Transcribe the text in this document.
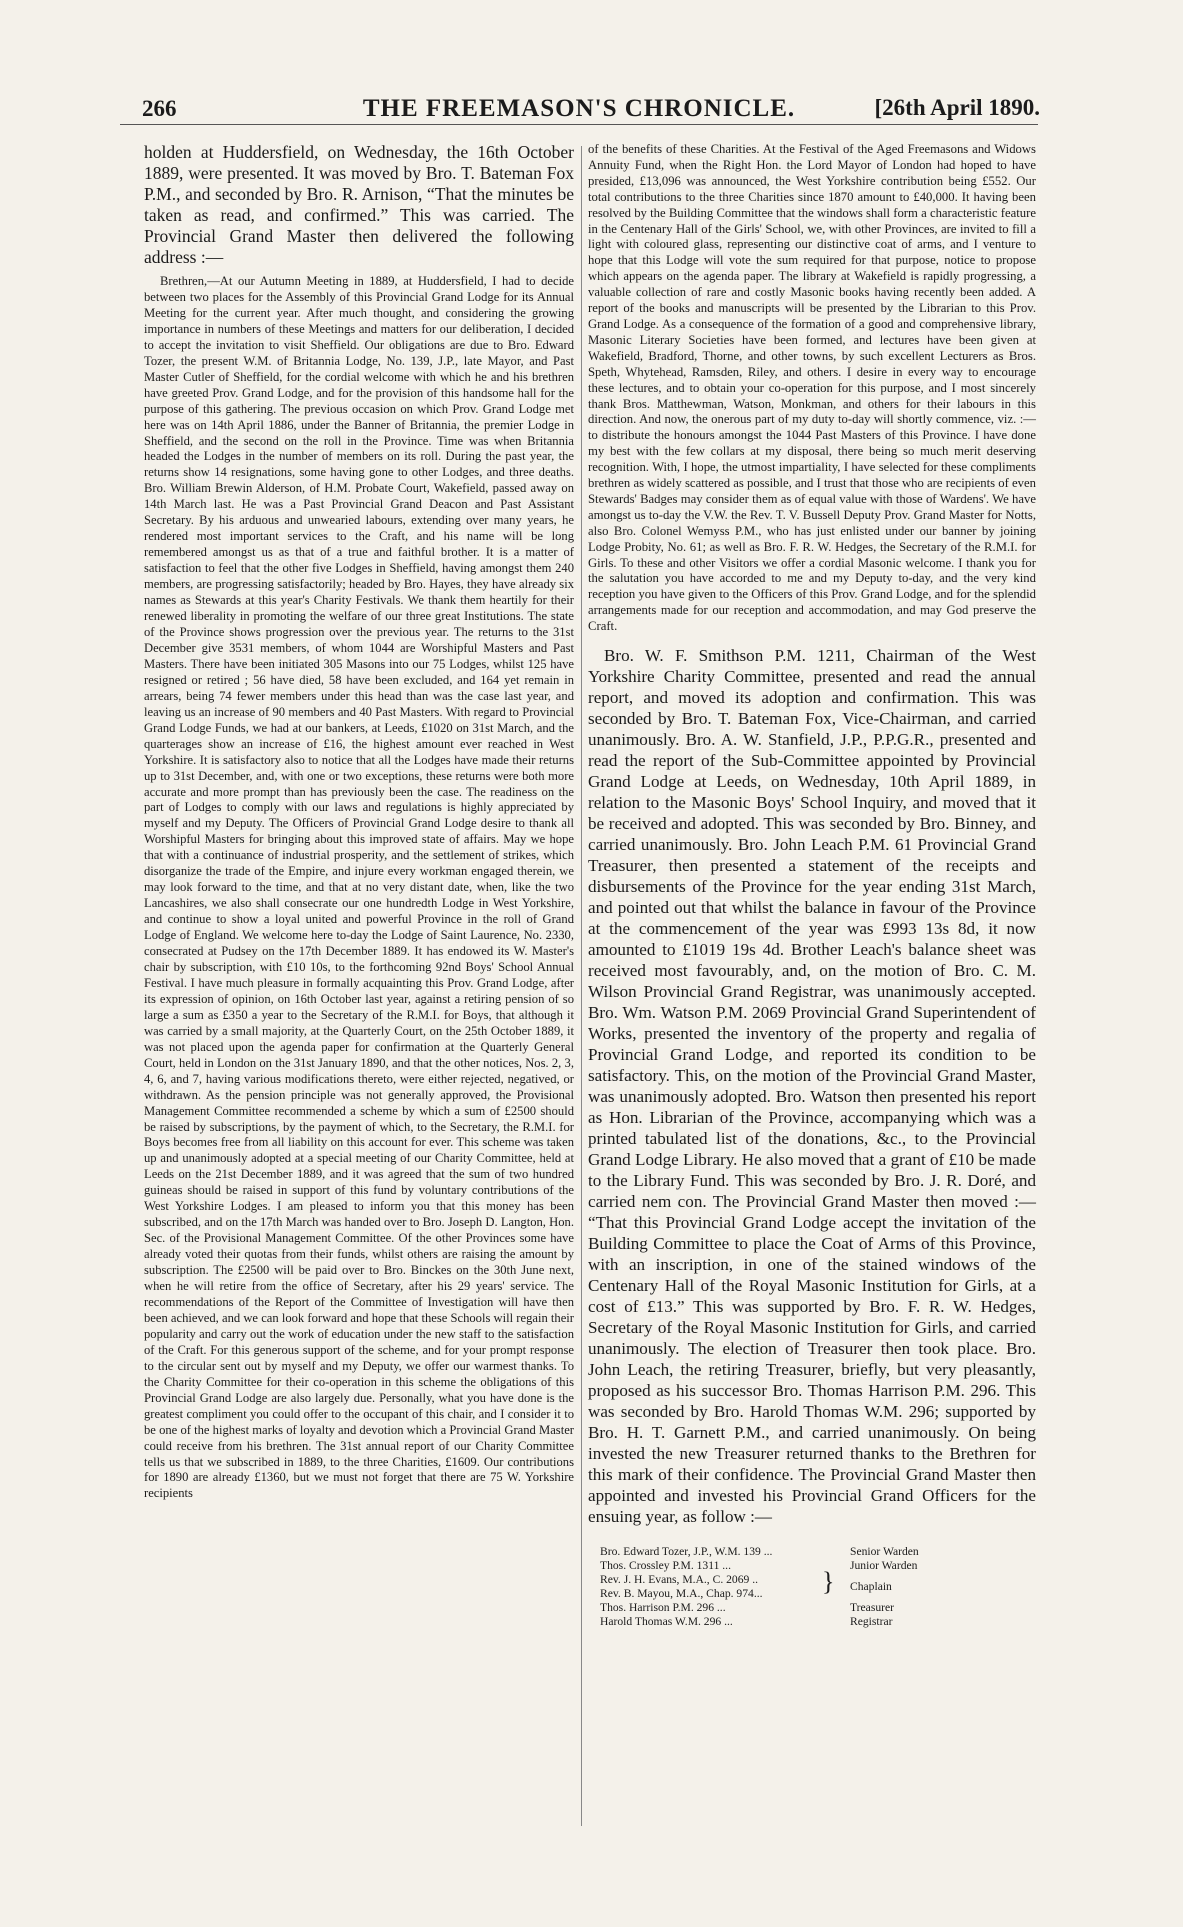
266	THE FREEMASON'S CHRONICLE.	[26th April 1890.

holden at Huddersfield, on Wednesday, the 16th October 1889, were presented. It was moved by Bro. T. Bateman Fox P.M., and seconded by Bro. R. Arnison, “That the minutes be taken as read, and confirmed.” This was carried. The Provincial Grand Master then delivered the following address :—

Brethren,—At our Autumn Meeting in 1889, at Huddersfield, I had to decide between two places for the Assembly of this Provincial Grand Lodge for its Annual Meeting for the current year. After much thought, and considering the growing importance in numbers of these Meetings and matters for our deliberation, I decided to accept the invitation to visit Sheffield. Our obligations are due to Bro. Edward Tozer, the present W.M. of Britannia Lodge, No. 139, J.P., late Mayor, and Past Master Cutler of Sheffield, for the cordial welcome with which he and his brethren have greeted Prov. Grand Lodge, and for the provision of this handsome hall for the purpose of this gathering. The previous occasion on which Prov. Grand Lodge met here was on 14th April 1886, under the Banner of Britannia, the premier Lodge in Sheffield, and the second on the roll in the Province. Time was when Britannia headed the Lodges in the number of members on its roll. During the past year, the returns show 14 resignations, some having gone to other Lodges, and three deaths. Bro. William Brewin Alderson, of H.M. Probate Court, Wakefield, passed away on 14th March last. He was a Past Provincial Grand Deacon and Past Assistant Secretary. By his arduous and unwearied labours, extending over many years, he rendered most important services to the Craft, and his name will be long remembered amongst us as that of a true and faithful brother. It is a matter of satisfaction to feel that the other five Lodges in Sheffield, having amongst them 240 members, are progressing satisfactorily; headed by Bro. Hayes, they have already six names as Stewards at this year's Charity Festivals. We thank them heartily for their renewed liberality in promoting the welfare of our three great Institutions. The state of the Province shows progression over the previous year. The returns to the 31st December give 3531 members, of whom 1044 are Worshipful Masters and Past Masters. There have been initiated 305 Masons into our 75 Lodges, whilst 125 have resigned or retired ; 56 have died, 58 have been excluded, and 164 yet remain in arrears, being 74 fewer members under this head than was the case last year, and leaving us an increase of 90 members and 40 Past Masters. With regard to Provincial Grand Lodge Funds, we had at our bankers, at Leeds, £1020 on 31st March, and the quarterages show an increase of £16, the highest amount ever reached in West Yorkshire. It is satisfactory also to notice that all the Lodges have made their returns up to 31st December, and, with one or two exceptions, these returns were both more accurate and more prompt than has previously been the case. The readiness on the part of Lodges to comply with our laws and regulations is highly appreciated by myself and my Deputy. The Officers of Provincial Grand Lodge desire to thank all Worshipful Masters for bringing about this improved state of affairs. May we hope that with a continuance of industrial prosperity, and the settlement of strikes, which disorganize the trade of the Empire, and injure every workman engaged therein, we may look forward to the time, and that at no very distant date, when, like the two Lancashires, we also shall consecrate our one hundredth Lodge in West Yorkshire, and continue to show a loyal united and powerful Province in the roll of Grand Lodge of England. We welcome here to-day the Lodge of Saint Laurence, No. 2330, consecrated at Pudsey on the 17th December 1889. It has endowed its W. Master's chair by subscription, with £10 10s, to the forthcoming 92nd Boys' School Annual Festival. I have much pleasure in formally acquainting this Prov. Grand Lodge, after its expression of opinion, on 16th October last year, against a retiring pension of so large a sum as £350 a year to the Secretary of the R.M.I. for Boys, that although it was carried by a small majority, at the Quarterly Court, on the 25th October 1889, it was not placed upon the agenda paper for confirmation at the Quarterly General Court, held in London on the 31st January 1890, and that the other notices, Nos. 2, 3, 4, 6, and 7, having various modifications thereto, were either rejected, negatived, or withdrawn. As the pension principle was not generally approved, the Provisional Management Committee recommended a scheme by which a sum of £2500 should be raised by subscriptions, by the payment of which, to the Secretary, the R.M.I. for Boys becomes free from all liability on this account for ever. This scheme was taken up and unanimously adopted at a special meeting of our Charity Committee, held at Leeds on the 21st December 1889, and it was agreed that the sum of two hundred guineas should be raised in support of this fund by voluntary contributions of the West Yorkshire Lodges. I am pleased to inform you that this money has been subscribed, and on the 17th March was handed over to Bro. Joseph D. Langton, Hon. Sec. of the Provisional Management Committee. Of the other Provinces some have already voted their quotas from their funds, whilst others are raising the amount by subscription. The £2500 will be paid over to Bro. Binckes on the 30th June next, when he will retire from the office of Secretary, after his 29 years' service. The recommendations of the Report of the Committee of Investigation will have then been achieved, and we can look forward and hope that these Schools will regain their popularity and carry out the work of education under the new staff to the satisfaction of the Craft. For this generous support of the scheme, and for your prompt response to the circular sent out by myself and my Deputy, we offer our warmest thanks. To the Charity Committee for their co-operation in this scheme the obligations of this Provincial Grand Lodge are also largely due. Personally, what you have done is the greatest compliment you could offer to the occupant of this chair, and I consider it to be one of the highest marks of loyalty and devotion which a Provincial Grand Master could receive from his brethren. The 31st annual report of our Charity Committee tells us that we subscribed in 1889, to the three Charities, £1609. Our contributions for 1890 are already £1360, but we must not forget that there are 75 W. Yorkshire recipients

of the benefits of these Charities. At the Festival of the Aged Freemasons and Widows Annuity Fund, when the Right Hon. the Lord Mayor of London had hoped to have presided, £13,096 was announced, the West Yorkshire contribution being £552. Our total contributions to the three Charities since 1870 amount to £40,000. It having been resolved by the Building Committee that the windows shall form a characteristic feature in the Centenary Hall of the Girls' School, we, with other Provinces, are invited to fill a light with coloured glass, representing our distinctive coat of arms, and I venture to hope that this Lodge will vote the sum required for that purpose, notice to propose which appears on the agenda paper. The library at Wakefield is rapidly progressing, a valuable collection of rare and costly Masonic books having recently been added. A report of the books and manuscripts will be presented by the Librarian to this Prov. Grand Lodge. As a consequence of the formation of a good and comprehensive library, Masonic Literary Societies have been formed, and lectures have been given at Wakefield, Bradford, Thorne, and other towns, by such excellent Lecturers as Bros. Speth, Whytehead, Ramsden, Riley, and others. I desire in every way to encourage these lectures, and to obtain your co-operation for this purpose, and I most sincerely thank Bros. Matthewman, Watson, Monkman, and others for their labours in this direction. And now, the onerous part of my duty to-day will shortly commence, viz. :— to distribute the honours amongst the 1044 Past Masters of this Province. I have done my best with the few collars at my disposal, there being so much merit deserving recognition. With, I hope, the utmost impartiality, I have selected for these compliments brethren as widely scattered as possible, and I trust that those who are recipients of even Stewards' Badges may consider them as of equal value with those of Wardens'. We have amongst us to-day the V.W. the Rev. T. V. Bussell Deputy Prov. Grand Master for Notts, also Bro. Colonel Wemyss P.M., who has just enlisted under our banner by joining Lodge Probity, No. 61; as well as Bro. F. R. W. Hedges, the Secretary of the R.M.I. for Girls. To these and other Visitors we offer a cordial Masonic welcome. I thank you for the salutation you have accorded to me and my Deputy to-day, and the very kind reception you have given to the Officers of this Prov. Grand Lodge, and for the splendid arrangements made for our reception and accommodation, and may God preserve the Craft.

Bro. W. F. Smithson P.M. 1211, Chairman of the West Yorkshire Charity Committee, presented and read the annual report, and moved its adoption and confirmation. This was seconded by Bro. T. Bateman Fox, Vice-Chairman, and carried unanimously. Bro. A. W. Stanfield, J.P., P.P.G.R., presented and read the report of the Sub-Committee appointed by Provincial Grand Lodge at Leeds, on Wednesday, 10th April 1889, in relation to the Masonic Boys' School Inquiry, and moved that it be received and adopted. This was seconded by Bro. Binney, and carried unanimously. Bro. John Leach P.M. 61 Provincial Grand Treasurer, then presented a statement of the receipts and disbursements of the Province for the year ending 31st March, and pointed out that whilst the balance in favour of the Province at the commencement of the year was £993 13s 8d, it now amounted to £1019 19s 4d. Brother Leach's balance sheet was received most favourably, and, on the motion of Bro. C. M. Wilson Provincial Grand Registrar, was unanimously accepted. Bro. Wm. Watson P.M. 2069 Provincial Grand Superintendent of Works, presented the inventory of the property and regalia of Provincial Grand Lodge, and reported its condition to be satisfactory. This, on the motion of the Provincial Grand Master, was unanimously adopted. Bro. Watson then presented his report as Hon. Librarian of the Province, accompanying which was a printed tabulated list of the donations, &c., to the Provincial Grand Lodge Library. He also moved that a grant of £10 be made to the Library Fund. This was seconded by Bro. J. R. Doré, and carried nem con. The Provincial Grand Master then moved :— “That this Provincial Grand Lodge accept the invitation of the Building Committee to place the Coat of Arms of this Province, with an inscription, in one of the stained windows of the Centenary Hall of the Royal Masonic Institution for Girls, at a cost of £13.” This was supported by Bro. F. R. W. Hedges, Secretary of the Royal Masonic Institution for Girls, and carried unanimously. The election of Treasurer then took place. Bro. John Leach, the retiring Treasurer, briefly, but very pleasantly, proposed as his successor Bro. Thomas Harrison P.M. 296. This was seconded by Bro. Harold Thomas W.M. 296; supported by Bro. H. T. Garnett P.M., and carried unanimously. On being invested the new Treasurer returned thanks to the Brethren for this mark of their confidence. The Provincial Grand Master then appointed and invested his Provincial Grand Officers for the ensuing year, as follow :—

Bro. Edward Tozer, J.P., W.M. 139 ...	Senior Warden
Thos. Crossley P.M. 1311 ...	Junior Warden
Rev. J. H. Evans, M.A., C. 2069 .. } Chaplain
Rev. B. Mayou, M.A., Chap. 974...
Thos. Harrison P.M. 296 ...	Treasurer
Harold Thomas W.M. 296 ...	Registrar
